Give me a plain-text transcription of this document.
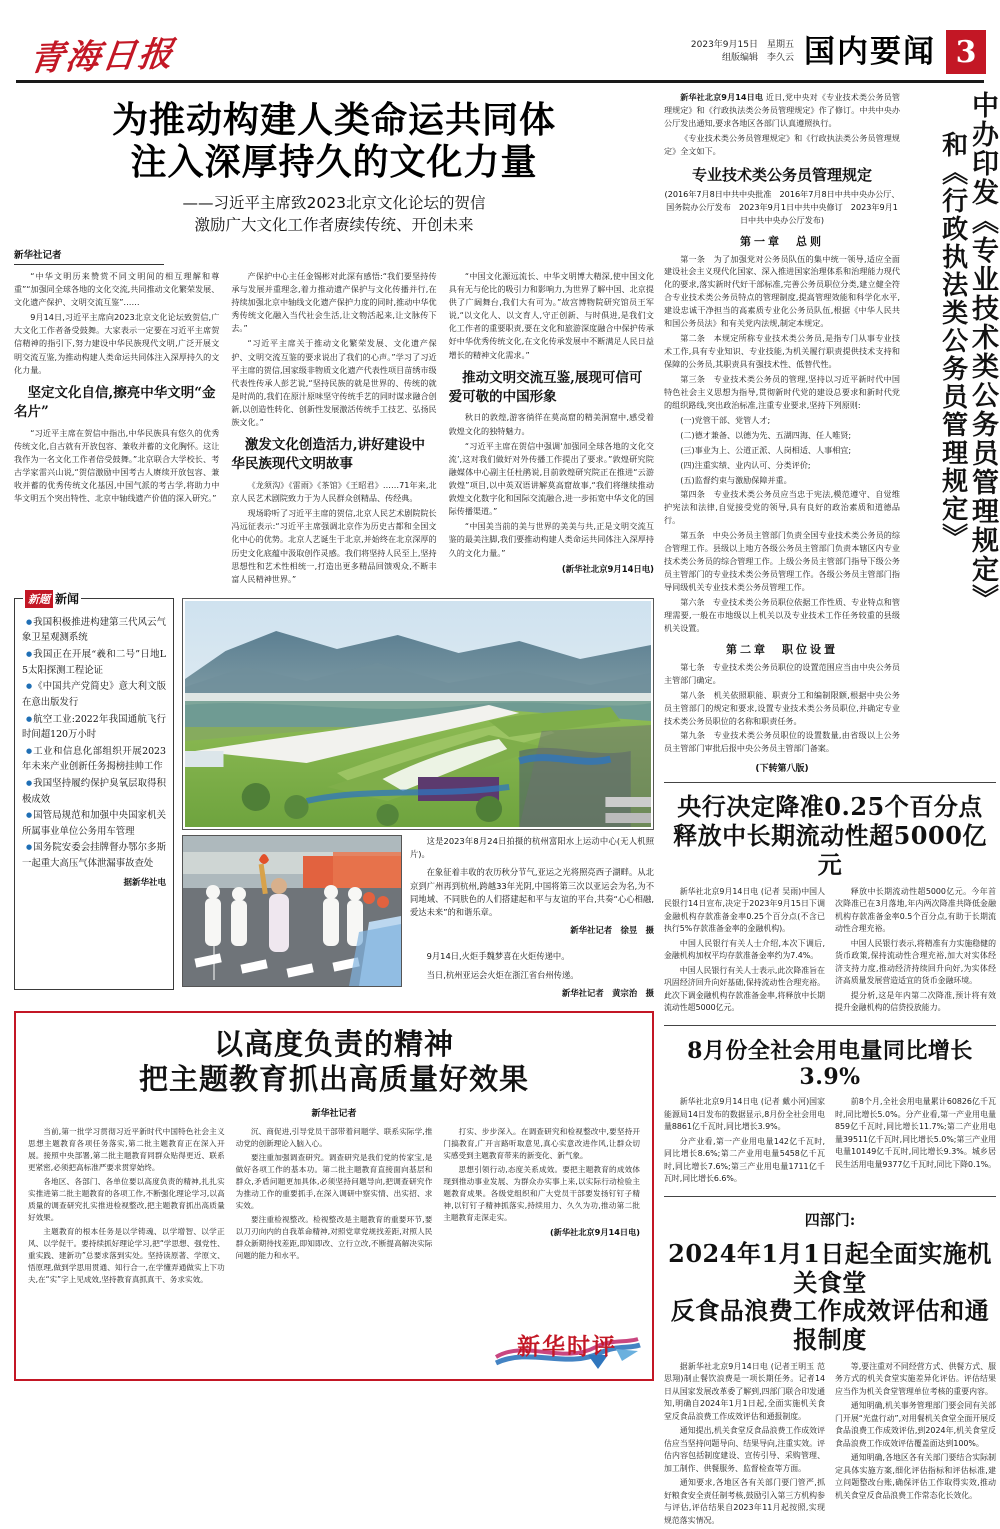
青海日报	2023年9月15日　星期五
组版编辑　李久云 国内要闻 3
为推动构建人类命运共同体
注入深厚持久的文化力量
——习近平主席致2023北京文化论坛的贺信
激励广大文化工作者赓续传统、开创未来
新华社记者

“中华文明历来赞赏不同文明间的相互理解和尊重”“加强同全球各地的文化交流,共同推动文化繁荣发展、文化遗产保护、文明交流互鉴”……

9月14日,习近平主席向2023北京文化论坛致贺信,广大文化工作者备受鼓舞。大家表示一定要在习近平主席贺信精神的指引下,努力建设中华民族现代文明,广泛开展文明交流互鉴,为推动构建人类命运共同体注入深厚持久的文化力量。

坚定文化自信,擦亮中华文明“金名片”

“习近平主席在贺信中指出,中华民族具有悠久的优秀传统文化,自古就有开放包容、兼收并蓄的文化胸怀。这让我作为一名文化工作者倍受鼓舞。”北京联合大学校长、考古学家雷兴山说,“贺信激励中国考古人赓续开放包容、兼收并蓄的优秀传统文化基因,中国气派的考古学,将助力中华文明五个突出特性、北京中轴线遗产价值的深入研究。”

产保护中心主任金锡彬对此深有感悟:“我们要坚持传承与发展并重理念,着力推动遗产保护与文化传播并行,在持续加强北京中轴线文化遗产保护力度的同时,推动中华优秀传统文化融入当代社会生活,让文物活起来,让文脉传下去。”

“习近平主席关于推动文化繁荣发展、文化遗产保护、文明交流互鉴的要求说出了我们的心声。”学习了习近平主席的贺信,国家级非物质文化遗产代表性项目苗绣市级代表性传承人彭艺说,“坚持民族的就是世界的、传统的就是时尚的,我们在原汁原味坚守传统手艺的同时谋求融合创新,以创造性转化、创新性发展激活传统手工技艺、弘扬民族文化。”

激发文化创造活力,讲好建设中华民族现代文明故事

《龙须沟》《雷雨》《茶馆》《王昭君》……71年来,北京人民艺术剧院致力于为人民群众创精品、传经典。

现场聆听了习近平主席的贺信,北京人民艺术剧院院长冯远征表示:“习近平主席强调北京作为历史古都和全国文化中心的优势。北京人艺诞生于北京,并始终在北京深厚的历史文化底蕴中汲取创作灵感。我们将坚持人民至上,坚持思想性和艺术性相统一,打造出更多精品回馈观众,不断丰富人民精神世界。”

“中国文化源远流长、中华文明博大精深,使中国文化具有无与伦比的吸引力和影响力,为世界了解中国、北京提供了广阔舞台,我们大有可为。”故宫博物院研究馆员王军说,“以文化人、以文育人,守正创新、与时俱进,是我们文化工作者的重要职责,要在文化和旅游深度融合中保护传承好中华优秀传统文化,在文化传承发展中不断满足人民日益增长的精神文化需求。”

推动文明交流互鉴,展现可信可爱可敬的中国形象

秋日的敦煌,游客徜徉在莫高窟的精美洞窟中,感受着敦煌文化的独特魅力。

“习近平主席在贺信中强调‘加强同全球各地的文化交流’,这对我们做好对外传播工作提出了要求。”敦煌研究院融媒体中心副主任杜鹃说,目前敦煌研究院正在推进“云游敦煌”项目,以中英双语讲解莫高窟故事,“我们将继续推动敦煌文化数字化和国际交流融合,进一步拓宽中华文化的国际传播渠道。”

“中国美当前的美与世界的美美与共,正是文明交流互鉴的最美注脚,我们要推动构建人类命运共同体注入深厚持久的文化力量。”

(新华社北京9月14日电)
新题 新闻
● 我国积极推进构建第三代风云气象卫星观测系统
● 我国正在开展“羲和二号”日地L5太阳探测工程论证
● 《中国共产党简史》意大利文版在意出版发行
● 航空工业:2022年我国通航飞行时间超120万小时
● 工业和信息化部组织开展2023年未来产业创新任务揭榜挂帅工作
● 我国坚持履约保护臭氧层取得积极成效
● 国管局规范和加强中央国家机关所属事业单位公务用车管理
● 国务院安委会挂牌督办鄂尔多斯一起重大高压气体泄漏事故查处
据新华社电

这是2023年8月24日拍摄的杭州富阳水上运动中心(无人机照片)。

在象征着丰收的农历秋分节气,亚运之光将照亮西子湖畔。从北京到广州再到杭州,跨越33年光阴,中国将第三次以亚运会为名,为不同地域、不同肤色的人们搭建起和平与友谊的平台,共奏“心心相融,爱达未来”的和谐乐章。

新华社记者　徐昱　摄

9月14日,火炬手魏梦喜在火炬传递中。

当日,杭州亚运会火炬在浙江省台州传递。

新华社记者　黄宗治　摄
以高度负责的精神
把主题教育抓出高质量好效果
新华社记者

当前,第一批学习贯彻习近平新时代中国特色社会主义思想主题教育各项任务落实,第二批主题教育正在深入开展。接照中央部署,第二批主题教育同群众贴得更近、联系更紧密,必须把高标准严要求贯穿始终。

各地区、各部门、各单位要以高度负责的精神,扎扎实实推进第二批主题教育的各项工作,不断强化理论学习,以高质量的调查研究扎实推进检视整改,把主题教育抓出高质量好效果。

主题教育的根本任务是以学铸魂、以学增智、以学正风、以学促干。要持续抓好理论学习,把“学思想、强党性、重实践、建新功”总要求落到实处。坚持读原著、学原文、悟原理,做到学思用贯通、知行合一,在学懂弄通做实上下功夫,在“实”字上见成效,坚持教育真抓真干、务求实效。

沉、商促进,引导党员干部带着问题学、联系实际学,推动党的创新理论入脑入心。

要注重加强调查研究。调查研究是我们党的传家宝,是做好各项工作的基本功。第二批主题教育直接面向基层和群众,矛盾问题更加具体,必须坚持问题导向,把调查研究作为推动工作的重要抓手,在深入调研中察实情、出实招、求实效。

要注重检视整改。检视整改是主题教育的重要环节,要以刀刃向内的自我革命精神,对照党章党规找差距,对照人民群众新期待找差距,即知即改、立行立改,不断提高解决实际问题的能力和水平。

打实、步步深入。在调查研究和检视整改中,要坚持开门搞教育,广开言路听取意见,真心实意改进作风,让群众切实感受到主题教育带来的新变化、新气象。

思想引领行动,态度关系成效。要把主题教育的成效体现到推动事业发展、为群众办实事上来,以实际行动检验主题教育成果。各级党组织和广大党员干部要发扬钉钉子精神,以钉钉子精神抓落实,持续用力、久久为功,推动第二批主题教育走深走实。

(新华社北京9月14日电)
新华时评
中办印发《专业技术类公务员管理规定》
和《行政执法类公务员管理规定》

新华社北京9月14日电 近日,党中央对《专业技术类公务员管理规定》和《行政执法类公务员管理规定》作了修订。中共中央办公厅发出通知,要求各地区各部门认真遵照执行。

《专业技术类公务员管理规定》和《行政执法类公务员管理规定》全文如下。

专业技术类公务员管理规定
(2016年7月8日中共中央批准　2016年7月8日中共中央办公厅、国务院办公厅发布　2023年9月1日中共中央修订　2023年9月1日中共中央办公厅发布)
第一章　总则

第一条　为了加强党对公务员队伍的集中统一领导,适应全面建设社会主义现代化国家、深入推进国家治理体系和治理能力现代化的要求,落实新时代好干部标准,完善公务员职位分类,建立健全符合专业技术类公务员特点的管理制度,提高管理效能和科学化水平,建设忠诚干净担当的高素质专业化公务员队伍,根据《中华人民共和国公务员法》和有关党内法规,制定本规定。

第二条　本规定所称专业技术类公务员,是指专门从事专业技术工作,具有专业知识、专业技能,为机关履行职责提供技术支持和保障的公务员,其职责具有强技术性、低替代性。

第三条　专业技术类公务员的管理,坚持以习近平新时代中国特色社会主义思想为指导,贯彻新时代党的建设总要求和新时代党的组织路线,突出政治标准,注重专业要求,坚持下列原则:

(一)党管干部、党管人才;

(二)德才兼备、以德为先、五湖四海、任人唯贤;

(三)事业为上、公道正派、人岗相适、人事相宜;

(四)注重实绩、业内认可、分类评价;

(五)监督约束与激励保障并重。

第四条　专业技术类公务员应当忠于宪法,模范遵守、自觉维护宪法和法律,自觉接受党的领导,具有良好的政治素质和道德品行。

第五条　中央公务员主管部门负责全国专业技术类公务员的综合管理工作。县级以上地方各级公务员主管部门负责本辖区内专业技术类公务员的综合管理工作。上级公务员主管部门指导下级公务员主管部门的专业技术类公务员管理工作。各级公务员主管部门指导同级机关专业技术类公务员管理工作。

第六条　专业技术类公务员职位依据工作性质、专业特点和管理需要,一般在市地级以上机关以及专业技术工作任务较重的县级机关设置。

第二章　职位设置

第七条　专业技术类公务员职位的设置范围应当由中央公务员主管部门确定。

第八条　机关依照职能、职责分工和编制限额,根据中央公务员主管部门的规定和要求,设置专业技术类公务员职位,并确定专业技术类公务员职位的名称和职责任务。

第九条　专业技术类公务员职位的设置数量,由省级以上公务员主管部门审批后报中央公务员主管部门备案。

(下转第八版)
央行决定降准0.25个百分点
释放中长期流动性超5000亿元

新华社北京9月14日电 (记者 吴雨)中国人民银行14日宣布,决定于2023年9月15日下调金融机构存款准备金率0.25个百分点(不含已执行5%存款准备金率的金融机构)。

中国人民银行有关人士介绍,本次下调后,金融机构加权平均存款准备金率约为7.4%。

中国人民银行有关人士表示,此次降准旨在巩固经济回升向好基础,保持流动性合理充裕。此次下调金融机构存款准备金率,将释放中长期流动性超5000亿元。

释放中长期流动性超5000亿元。今年首次降准已在3月落地,年内两次降准共降低金融机构存款准备金率0.5个百分点,有助于长期流动性合理充裕。

中国人民银行表示,将精准有力实施稳健的货币政策,保持流动性合理充裕,加大对实体经济支持力度,推动经济持续回升向好,为实体经济高质量发展营造适宜的货币金融环境。

提分析,这是年内第二次降准,预计将有效提升金融机构的信贷投放能力。

8月份全社会用电量同比增长3.9%

新华社北京9月14日电 (记者 戴小河)国家能源局14日发布的数据显示,8月份全社会用电量8861亿千瓦时,同比增长3.9%。

分产业看,第一产业用电量142亿千瓦时,同比增长8.6%;第二产业用电量5458亿千瓦时,同比增长7.6%;第三产业用电量1711亿千瓦时,同比增长6.6%。

前8个月,全社会用电量累计60826亿千瓦时,同比增长5.0%。分产业看,第一产业用电量859亿千瓦时,同比增长11.7%;第二产业用电量39511亿千瓦时,同比增长5.0%;第三产业用电量10149亿千瓦时,同比增长9.3%。城乡居民生活用电量9377亿千瓦时,同比下降0.1%。

四部门:
2024年1月1日起全面实施机关食堂
反食品浪费工作成效评估和通报制度

据新华社北京9月14日电 (记者王明玉 范思翔)制止餐饮浪费是一项长期任务。记者14日从国家发展改革委了解到,四部门联合印发通知,明确自2024年1月1日起,全面实施机关食堂反食品浪费工作成效评估和通报制度。

通知提出,机关食堂反食品浪费工作成效评估应当坚持问题导向、结果导向,注重实效。评估内容包括制度建设、宣传引导、采购管理、加工制作、供餐服务、监督检查等方面。

通知要求,各地区各有关部门要门管严,抓好粮食安全责任制考核,鼓励引入第三方机构参与评估,评估结果自2023年11月起按照,实现规范落实情况。

等,要注重对不同经营方式、供餐方式、服务方式的机关食堂实施差异化评估。评估结果应当作为机关食堂管理单位考核的重要内容。

通知明确,机关事务管理部门要会同有关部门开展“光盘行动”,对用餐机关食堂全面开展反食品浪费工作成效评估,到2024年,机关食堂反食品浪费工作成效评估覆盖面达到100%。

通知明确,各地区各有关部门要结合实际制定具体实施方案,细化评估指标和评估标准,建立问题整改台账,确保评估工作取得实效,推动机关食堂反食品浪费工作常态化长效化。
